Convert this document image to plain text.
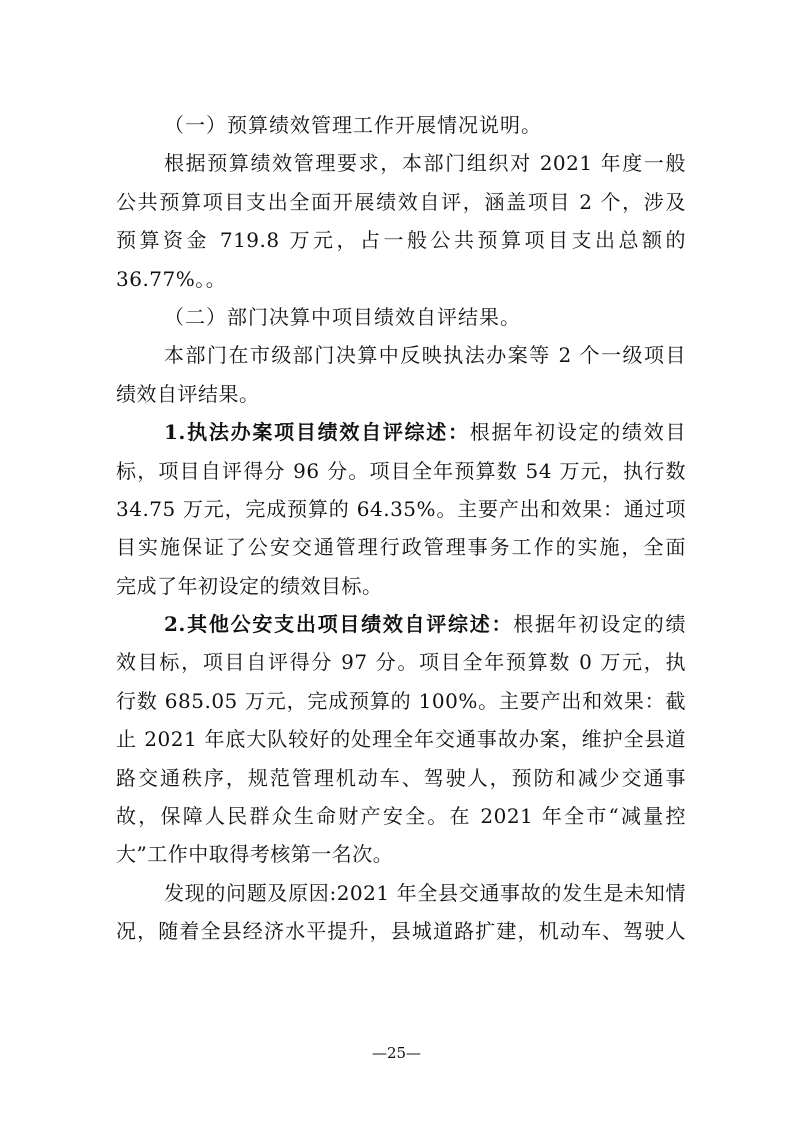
（一）预算绩效管理工作开展情况说明。
根据预算绩效管理要求，本部门组织对 2021 年度一般
公共预算项目支出全面开展绩效自评，涵盖项目 2 个，涉及
预算资金 719.8 万元，占一般公共预算项目支出总额的
36.77%。。
（二）部门决算中项目绩效自评结果。
本部门在市级部门决算中反映执法办案等 2 个一级项目
绩效自评结果。
1.执法办案项目绩效自评综述：根据年初设定的绩效目
标，项目自评得分 96 分。项目全年预算数 54 万元，执行数
34.75 万元，完成预算的 64.35%。主要产出和效果：通过项
目实施保证了公安交通管理行政管理事务工作的实施，全面
完成了年初设定的绩效目标。
2.其他公安支出项目绩效自评综述：根据年初设定的绩
效目标，项目自评得分 97 分。项目全年预算数 0 万元，执
行数 685.05 万元，完成预算的 100%。主要产出和效果：截
止 2021 年底大队较好的处理全年交通事故办案，维护全县道
路交通秩序，规范管理机动车、驾驶人，预防和减少交通事
故，保障人民群众生命财产安全。在 2021 年全市“减量控
大”工作中取得考核第一名次。
发现的问题及原因:2021 年全县交通事故的发生是未知情
况，随着全县经济水平提升，县城道路扩建，机动车、驾驶人
—25—
